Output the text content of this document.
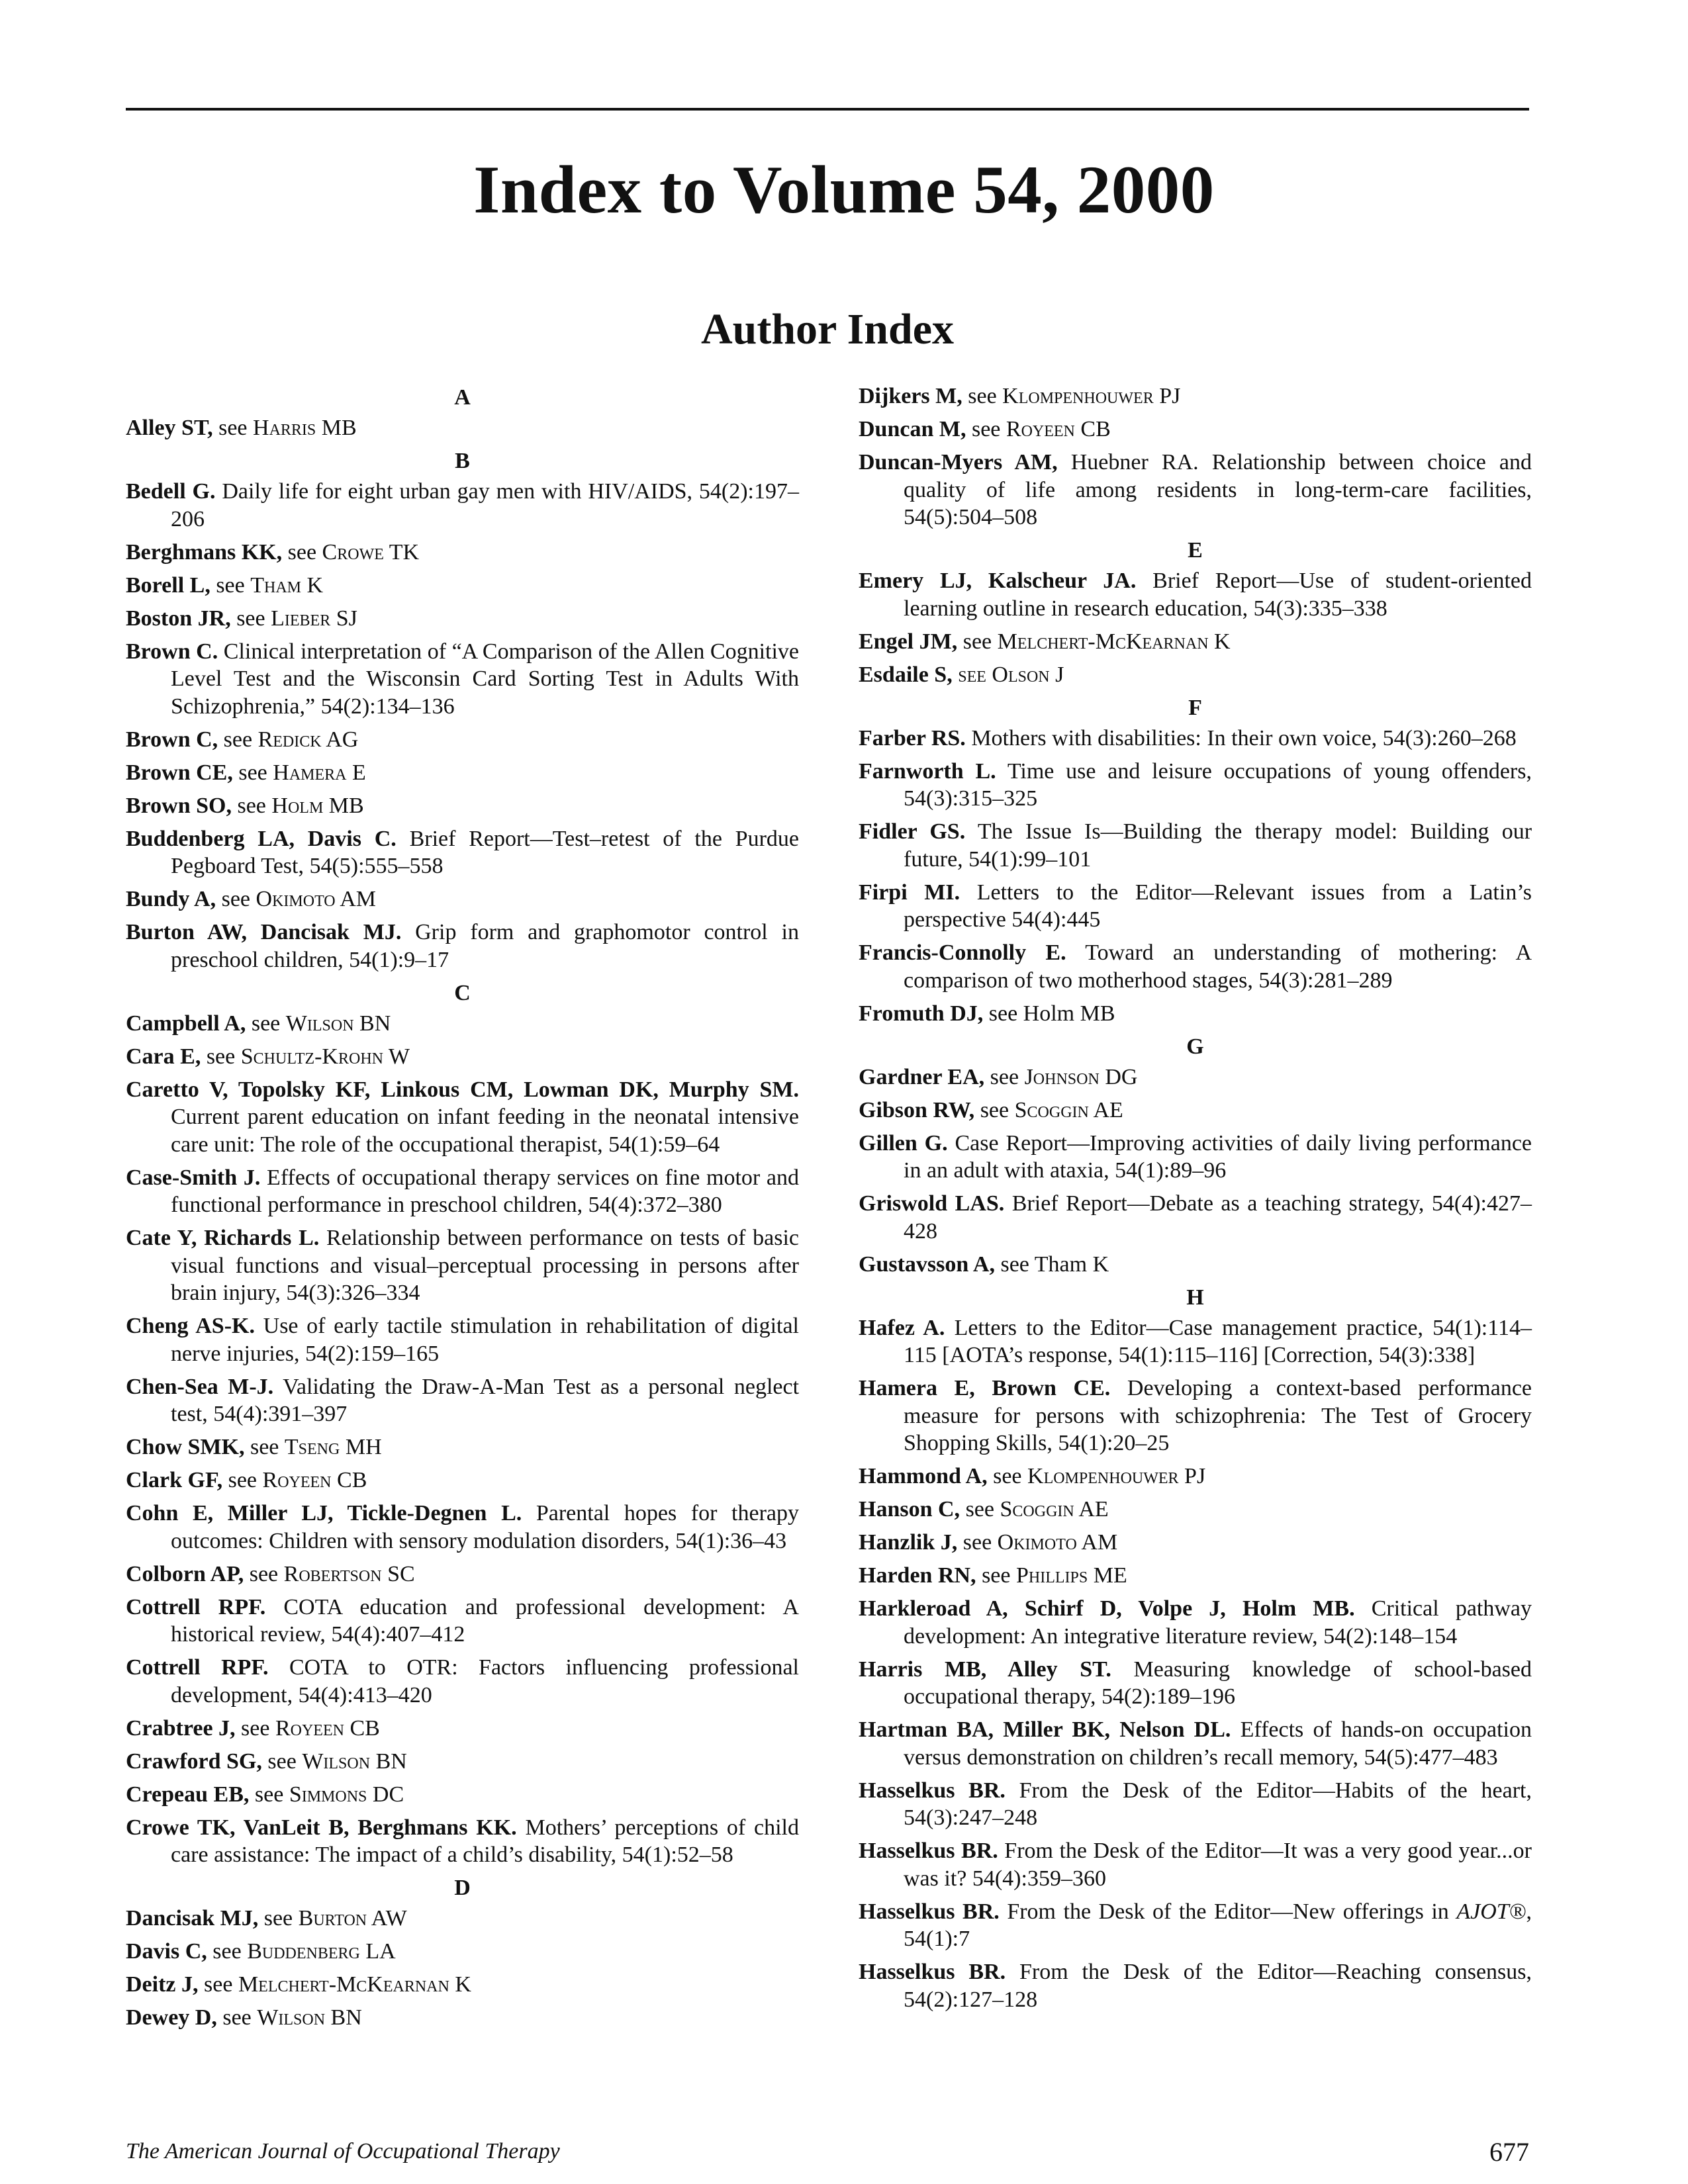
Index to Volume 54, 2000
Author Index
A
Alley ST, see Harris MB
B
Bedell G. Daily life for eight urban gay men with HIV/AIDS, 54(2):197–206
Berghmans KK, see Crowe TK
Borell L, see Tham K
Boston JR, see Lieber SJ
Brown C. Clinical interpretation of “A Comparison of the Allen Cognitive Level Test and the Wisconsin Card Sorting Test in Adults With Schizophrenia,” 54(2):134–136
Brown C, see Redick AG
Brown CE, see Hamera E
Brown SO, see Holm MB
Buddenberg LA, Davis C. Brief Report—Test–retest of the Purdue Pegboard Test, 54(5):555–558
Bundy A, see Okimoto AM
Burton AW, Dancisak MJ. Grip form and graphomotor control in preschool children, 54(1):9–17
C
Campbell A, see Wilson BN
Cara E, see Schultz-Krohn W
Caretto V, Topolsky KF, Linkous CM, Lowman DK, Murphy SM. Current parent education on infant feeding in the neonatal intensive care unit: The role of the occupational therapist, 54(1):59–64
Case-Smith J. Effects of occupational therapy services on fine motor and functional performance in preschool children, 54(4):372–380
Cate Y, Richards L. Relationship between performance on tests of basic visual functions and visual–perceptual processing in persons after brain injury, 54(3):326–334
Cheng AS-K. Use of early tactile stimulation in rehabilitation of digital nerve injuries, 54(2):159–165
Chen-Sea M-J. Validating the Draw-A-Man Test as a personal neglect test, 54(4):391–397
Chow SMK, see Tseng MH
Clark GF, see Royeen CB
Cohn E, Miller LJ, Tickle-Degnen L. Parental hopes for therapy outcomes: Children with sensory modulation disorders, 54(1):36–43
Colborn AP, see Robertson SC
Cottrell RPF. COTA education and professional development: A historical review, 54(4):407–412
Cottrell RPF. COTA to OTR: Factors influencing professional development, 54(4):413–420
Crabtree J, see Royeen CB
Crawford SG, see Wilson BN
Crepeau EB, see Simmons DC
Crowe TK, VanLeit B, Berghmans KK. Mothers’ perceptions of child care assistance: The impact of a child’s disability, 54(1):52–58
D
Dancisak MJ, see Burton AW
Davis C, see Buddenberg LA
Deitz J, see Melchert-McKearnan K
Dewey D, see Wilson BN
Dijkers M, see Klompenhouwer PJ
Duncan M, see Royeen CB
Duncan-Myers AM, Huebner RA. Relationship between choice and quality of life among residents in long-term-care facilities, 54(5):504–508
E
Emery LJ, Kalscheur JA. Brief Report—Use of student-oriented learning outline in research education, 54(3):335–338
Engel JM, see Melchert-McKearnan K
Esdaile S, see Olson J
F
Farber RS. Mothers with disabilities: In their own voice, 54(3):260–268
Farnworth L. Time use and leisure occupations of young offenders, 54(3):315–325
Fidler GS. The Issue Is—Building the therapy model: Building our future, 54(1):99–101
Firpi MI. Letters to the Editor—Relevant issues from a Latin’s perspective 54(4):445
Francis-Connolly E. Toward an understanding of mothering: A comparison of two motherhood stages, 54(3):281–289
Fromuth DJ, see Holm MB
G
Gardner EA, see Johnson DG
Gibson RW, see Scoggin AE
Gillen G. Case Report—Improving activities of daily living performance in an adult with ataxia, 54(1):89–96
Griswold LAS. Brief Report—Debate as a teaching strategy, 54(4):427–428
Gustavsson A, see Tham K
H
Hafez A. Letters to the Editor—Case management practice, 54(1):114–115 [AOTA’s response, 54(1):115–116] [Correction, 54(3):338]
Hamera E, Brown CE. Developing a context-based performance measure for persons with schizophrenia: The Test of Grocery Shopping Skills, 54(1):20–25
Hammond A, see Klompenhouwer PJ
Hanson C, see Scoggin AE
Hanzlik J, see Okimoto AM
Harden RN, see Phillips ME
Harkleroad A, Schirf D, Volpe J, Holm MB. Critical pathway development: An integrative literature review, 54(2):148–154
Harris MB, Alley ST. Measuring knowledge of school-based occupational therapy, 54(2):189–196
Hartman BA, Miller BK, Nelson DL. Effects of hands-on occupation versus demonstration on children’s recall memory, 54(5):477–483
Hasselkus BR. From the Desk of the Editor—Habits of the heart, 54(3):247–248
Hasselkus BR. From the Desk of the Editor—It was a very good year...or was it? 54(4):359–360
Hasselkus BR. From the Desk of the Editor—New offerings in AJOT®, 54(1):7
Hasselkus BR. From the Desk of the Editor—Reaching consensus, 54(2):127–128
The American Journal of Occupational Therapy	677
